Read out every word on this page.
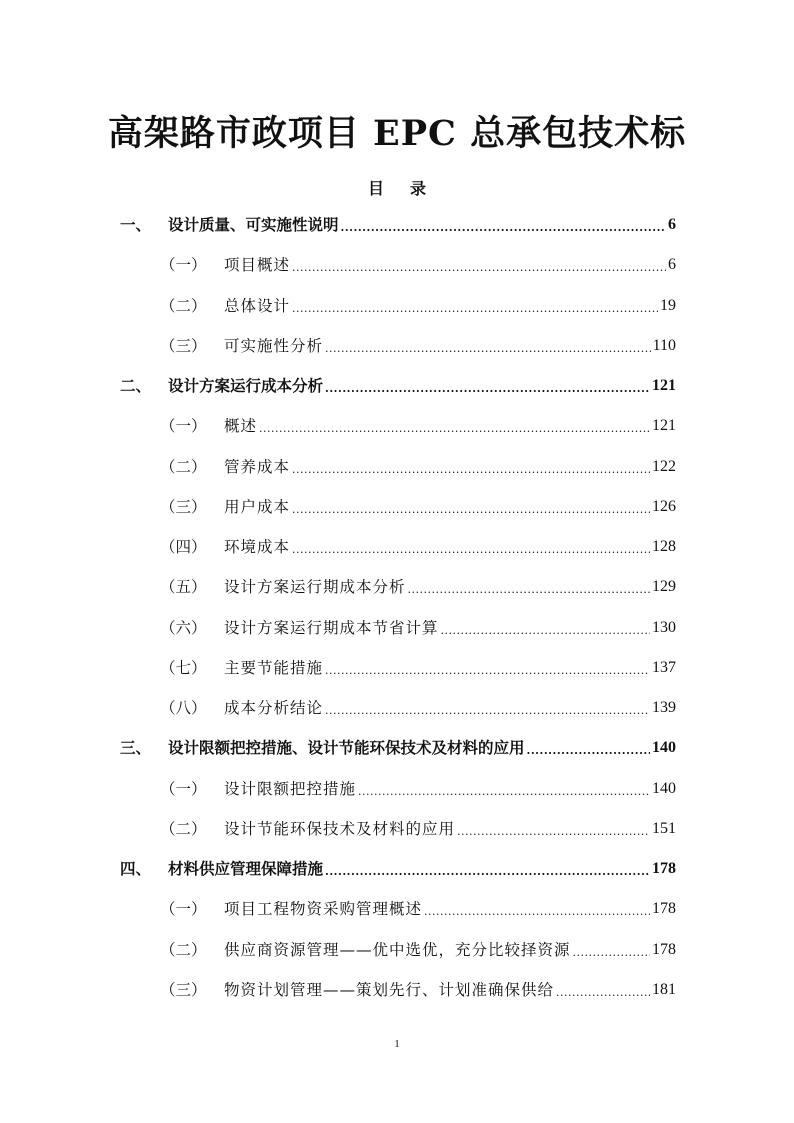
高架路市政项目 EPC 总承包技术标
目 录
一、	设计质量、可实施性说明 .....	6
（一）	项目概述 .....	6
（二）	总体设计 .....	19
（三）	可实施性分析 .....	110
二、	设计方案运行成本分析 .....	121
（一）	概述 .....	121
（二）	管养成本 .....	122
（三）	用户成本 .....	126
（四）	环境成本 .....	128
（五）	设计方案运行期成本分析 .....	129
（六）	设计方案运行期成本节省计算 .....	130
（七）	主要节能措施 .....	137
（八）	成本分析结论 .....	139
三、	设计限额把控措施、设计节能环保技术及材料的应用 .....	140
（一）	设计限额把控措施 .....	140
（二）	设计节能环保技术及材料的应用 .....	151
四、	材料供应管理保障措施 .....	178
（一）	项目工程物资采购管理概述 .....	178
（二）	供应商资源管理——优中选优，充分比较择资源 .....	178
（三）	物资计划管理——策划先行、计划准确保供给 .....	181
1
